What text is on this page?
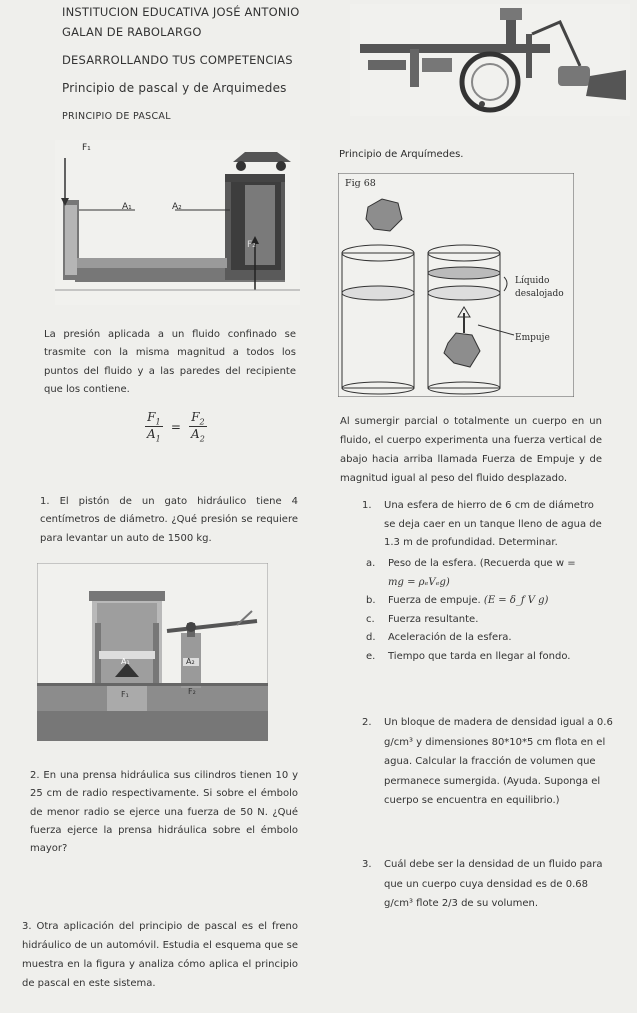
INSTITUCION EDUCATIVA JOSÉ ANTONIO
GALAN DE RABOLARGO
DESARROLLANDO TUS COMPETENCIAS
Principio de pascal y de Arquimedes
PRINCIPIO DE PASCAL
F₁
A₁	A₂
F₂
La presión aplicada a un fluido confinado se trasmite con la misma magnitud a todos los puntos del fluido y a las paredes del recipiente que los contiene.
$\frac{F_1}{A_1} = \frac{F_2}{A_2}$
1. El pistón de un gato hidráulico tiene 4 centímetros de diámetro. ¿Qué presión se requiere para levantar un auto de 1500 kg.
A₁	A₂
F₁	F₂
2. En una prensa hidráulica sus cilindros tienen 10 y 25 cm de radio respectivamente. Si sobre el émbolo de menor radio se ejerce una fuerza de 50 N. ¿Qué fuerza ejerce la prensa hidráulica sobre el émbolo mayor?
3. Otra aplicación del principio de pascal es el freno hidráulico de un automóvil. Estudia el esquema que se muestra en la figura y analiza cómo aplica el principio de pascal en este sistema.
Principio de Arquímedes.
Fig 68
Líquido
desalojado
Empuje
Al sumergir parcial o totalmente un cuerpo en un fluido, el cuerpo experimenta una fuerza vertical de abajo hacia arriba llamada Fuerza de Empuje y de magnitud igual al peso del fluido desplazado.
1.	Una esfera de hierro de 6 cm de diámetro se deja caer en un tanque lleno de agua de 1.3 m de profundidad. Determinar.
a. Peso de la esfera. (Recuerda que w =
mg = ρₑVₑg)
b. Fuerza de empuje. (E = δ_f V g)
c. Fuerza resultante.
d. Aceleración de la esfera.
e. Tiempo que tarda en llegar al fondo.
2.	Un bloque de madera de densidad igual a 0.6 g/cm³ y dimensiones 80*10*5 cm flota en el agua. Calcular la fracción de volumen que permanece sumergida. (Ayuda. Suponga el cuerpo se encuentra en equilibrio.)
3.	Cuál debe ser la densidad de un fluido para que un cuerpo cuya densidad es de 0.68 g/cm³ flote 2/3 de su volumen.
